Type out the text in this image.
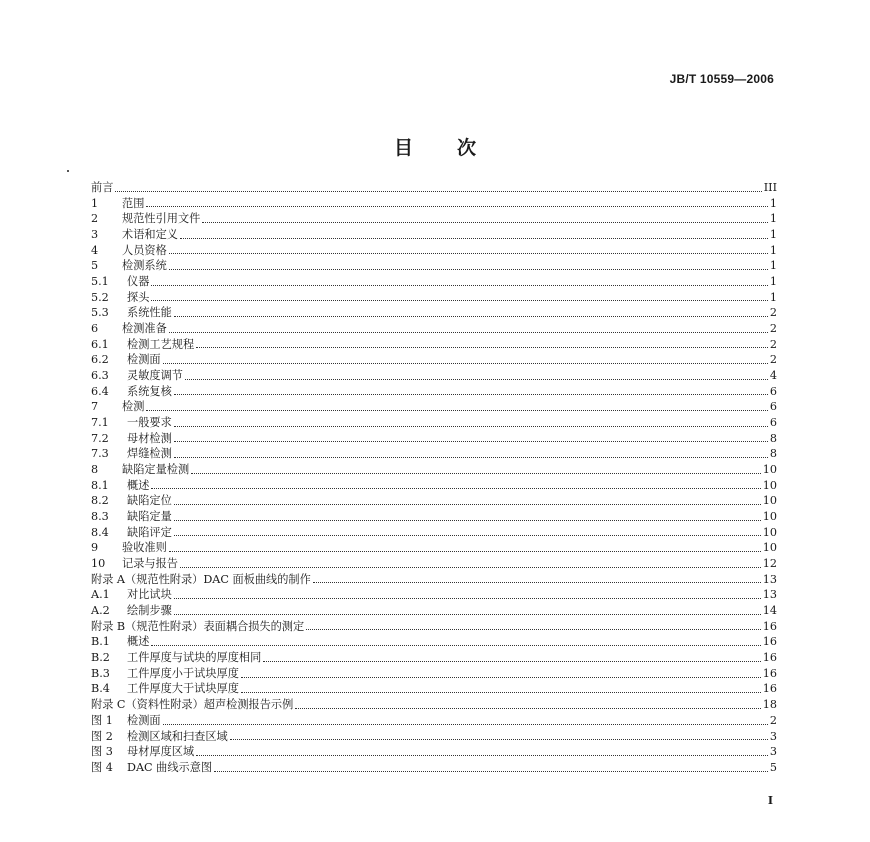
JB/T 10559—2006
目 次
前言	III
1	范围	1
2	规范性引用文件	1
3	术语和定义	1
4	人员资格	1
5	检测系统	1
5.1	仪器	1
5.2	探头	1
5.3	系统性能	2
6	检测准备	2
6.1	检测工艺规程	2
6.2	检测面	2
6.3	灵敏度调节	4
6.4	系统复核	6
7	检测	6
7.1	一般要求	6
7.2	母材检测	8
7.3	焊缝检测	8
8	缺陷定量检测	10
8.1	概述	10
8.2	缺陷定位	10
8.3	缺陷定量	10
8.4	缺陷评定	10
9	验收准则	10
10	记录与报告	12
附录 A（规范性附录）DAC 面板曲线的制作	13
A.1	对比试块	13
A.2	绘制步骤	14
附录 B（规范性附录）表面耦合损失的测定	16
B.1	概述	16
B.2	工件厚度与试块的厚度相同	16
B.3	工件厚度小于试块厚度	16
B.4	工件厚度大于试块厚度	16
附录 C（资料性附录）超声检测报告示例	18
图 1	检测面	2
图 2	检测区域和扫查区域	3
图 3	母材厚度区域	3
图 4	DAC 曲线示意图	5
I
